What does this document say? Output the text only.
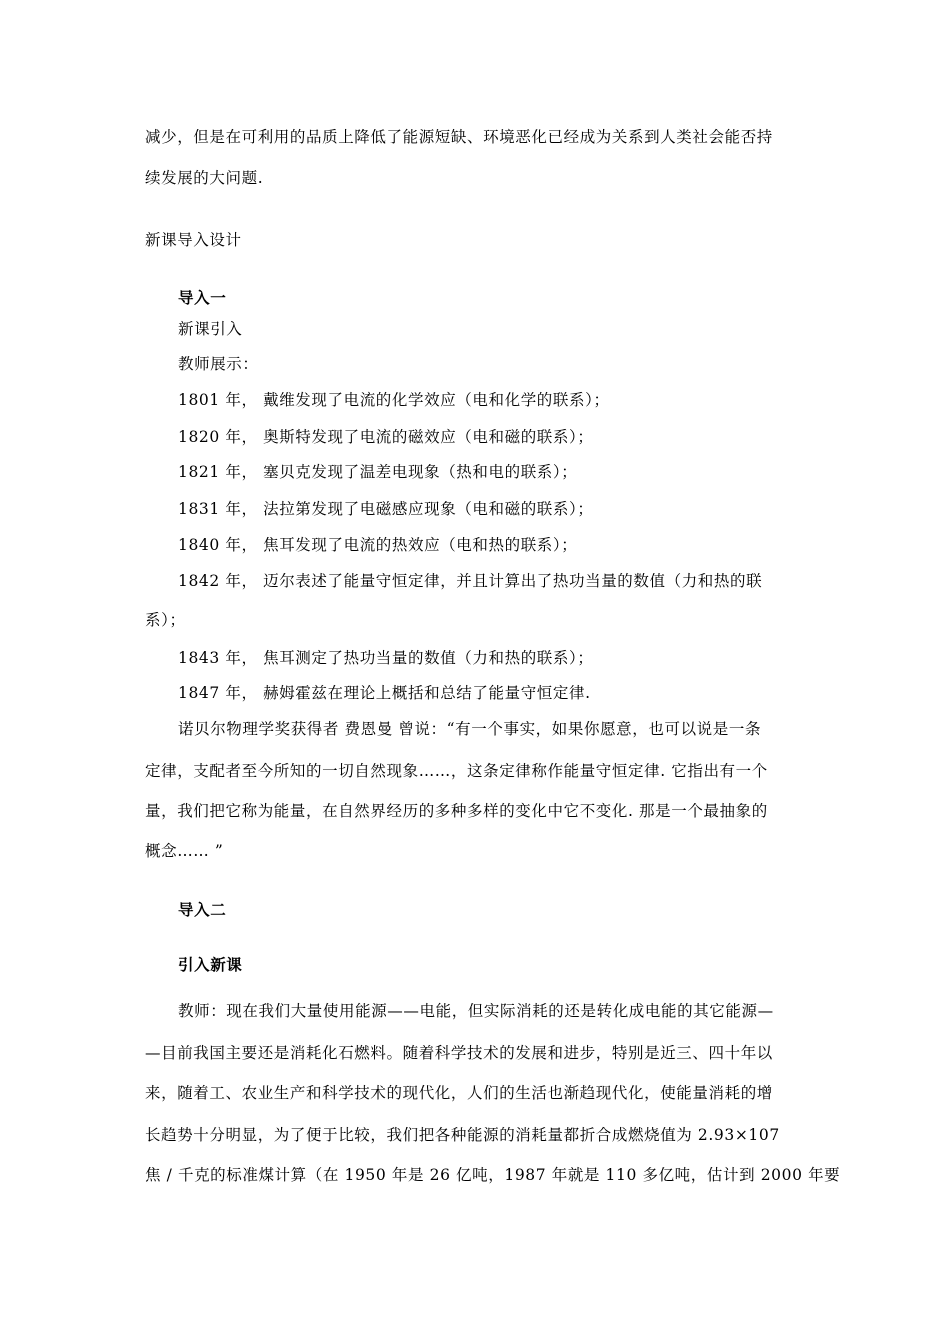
减少，但是在可利用的品质上降低了能源短缺、环境恶化已经成为关系到人类社会能否持
续发展的大问题.
新课导入设计
导入一
新课引入
教师展示：
1801 年， 戴维发现了电流的化学效应（电和化学的联系）；
1820 年， 奥斯特发现了电流的磁效应（电和磁的联系）；
1821 年， 塞贝克发现了温差电现象（热和电的联系）；
1831 年， 法拉第发现了电磁感应现象（电和磁的联系）；
1840 年， 焦耳发现了电流的热效应（电和热的联系）；
1842 年， 迈尔表述了能量守恒定律，并且计算出了热功当量的数值（力和热的联
系）；
1843 年， 焦耳测定了热功当量的数值（力和热的联系）；
1847 年， 赫姆霍兹在理论上概括和总结了能量守恒定律.
诺贝尔物理学奖获得者 费恩曼 曾说：“有一个事实，如果你愿意，也可以说是一条
定律，支配者至今所知的一切自然现象……，这条定律称作能量守恒定律. 它指出有一个
量，我们把它称为能量，在自然界经历的多种多样的变化中它不变化. 那是一个最抽象的
概念…… ”
导入二
引入新课
教师：现在我们大量使用能源——电能，但实际消耗的还是转化成电能的其它能源—
—目前我国主要还是消耗化石燃料。随着科学技术的发展和进步，特别是近三、四十年以
来，随着工、农业生产和科学技术的现代化，人们的生活也渐趋现代化，使能量消耗的增
长趋势十分明显，为了便于比较，我们把各种能源的消耗量都折合成燃烧值为 2.93×107
焦 / 千克的标准煤计算（在 1950 年是 26 亿吨，1987 年就是 110 多亿吨，估计到 2000 年要
